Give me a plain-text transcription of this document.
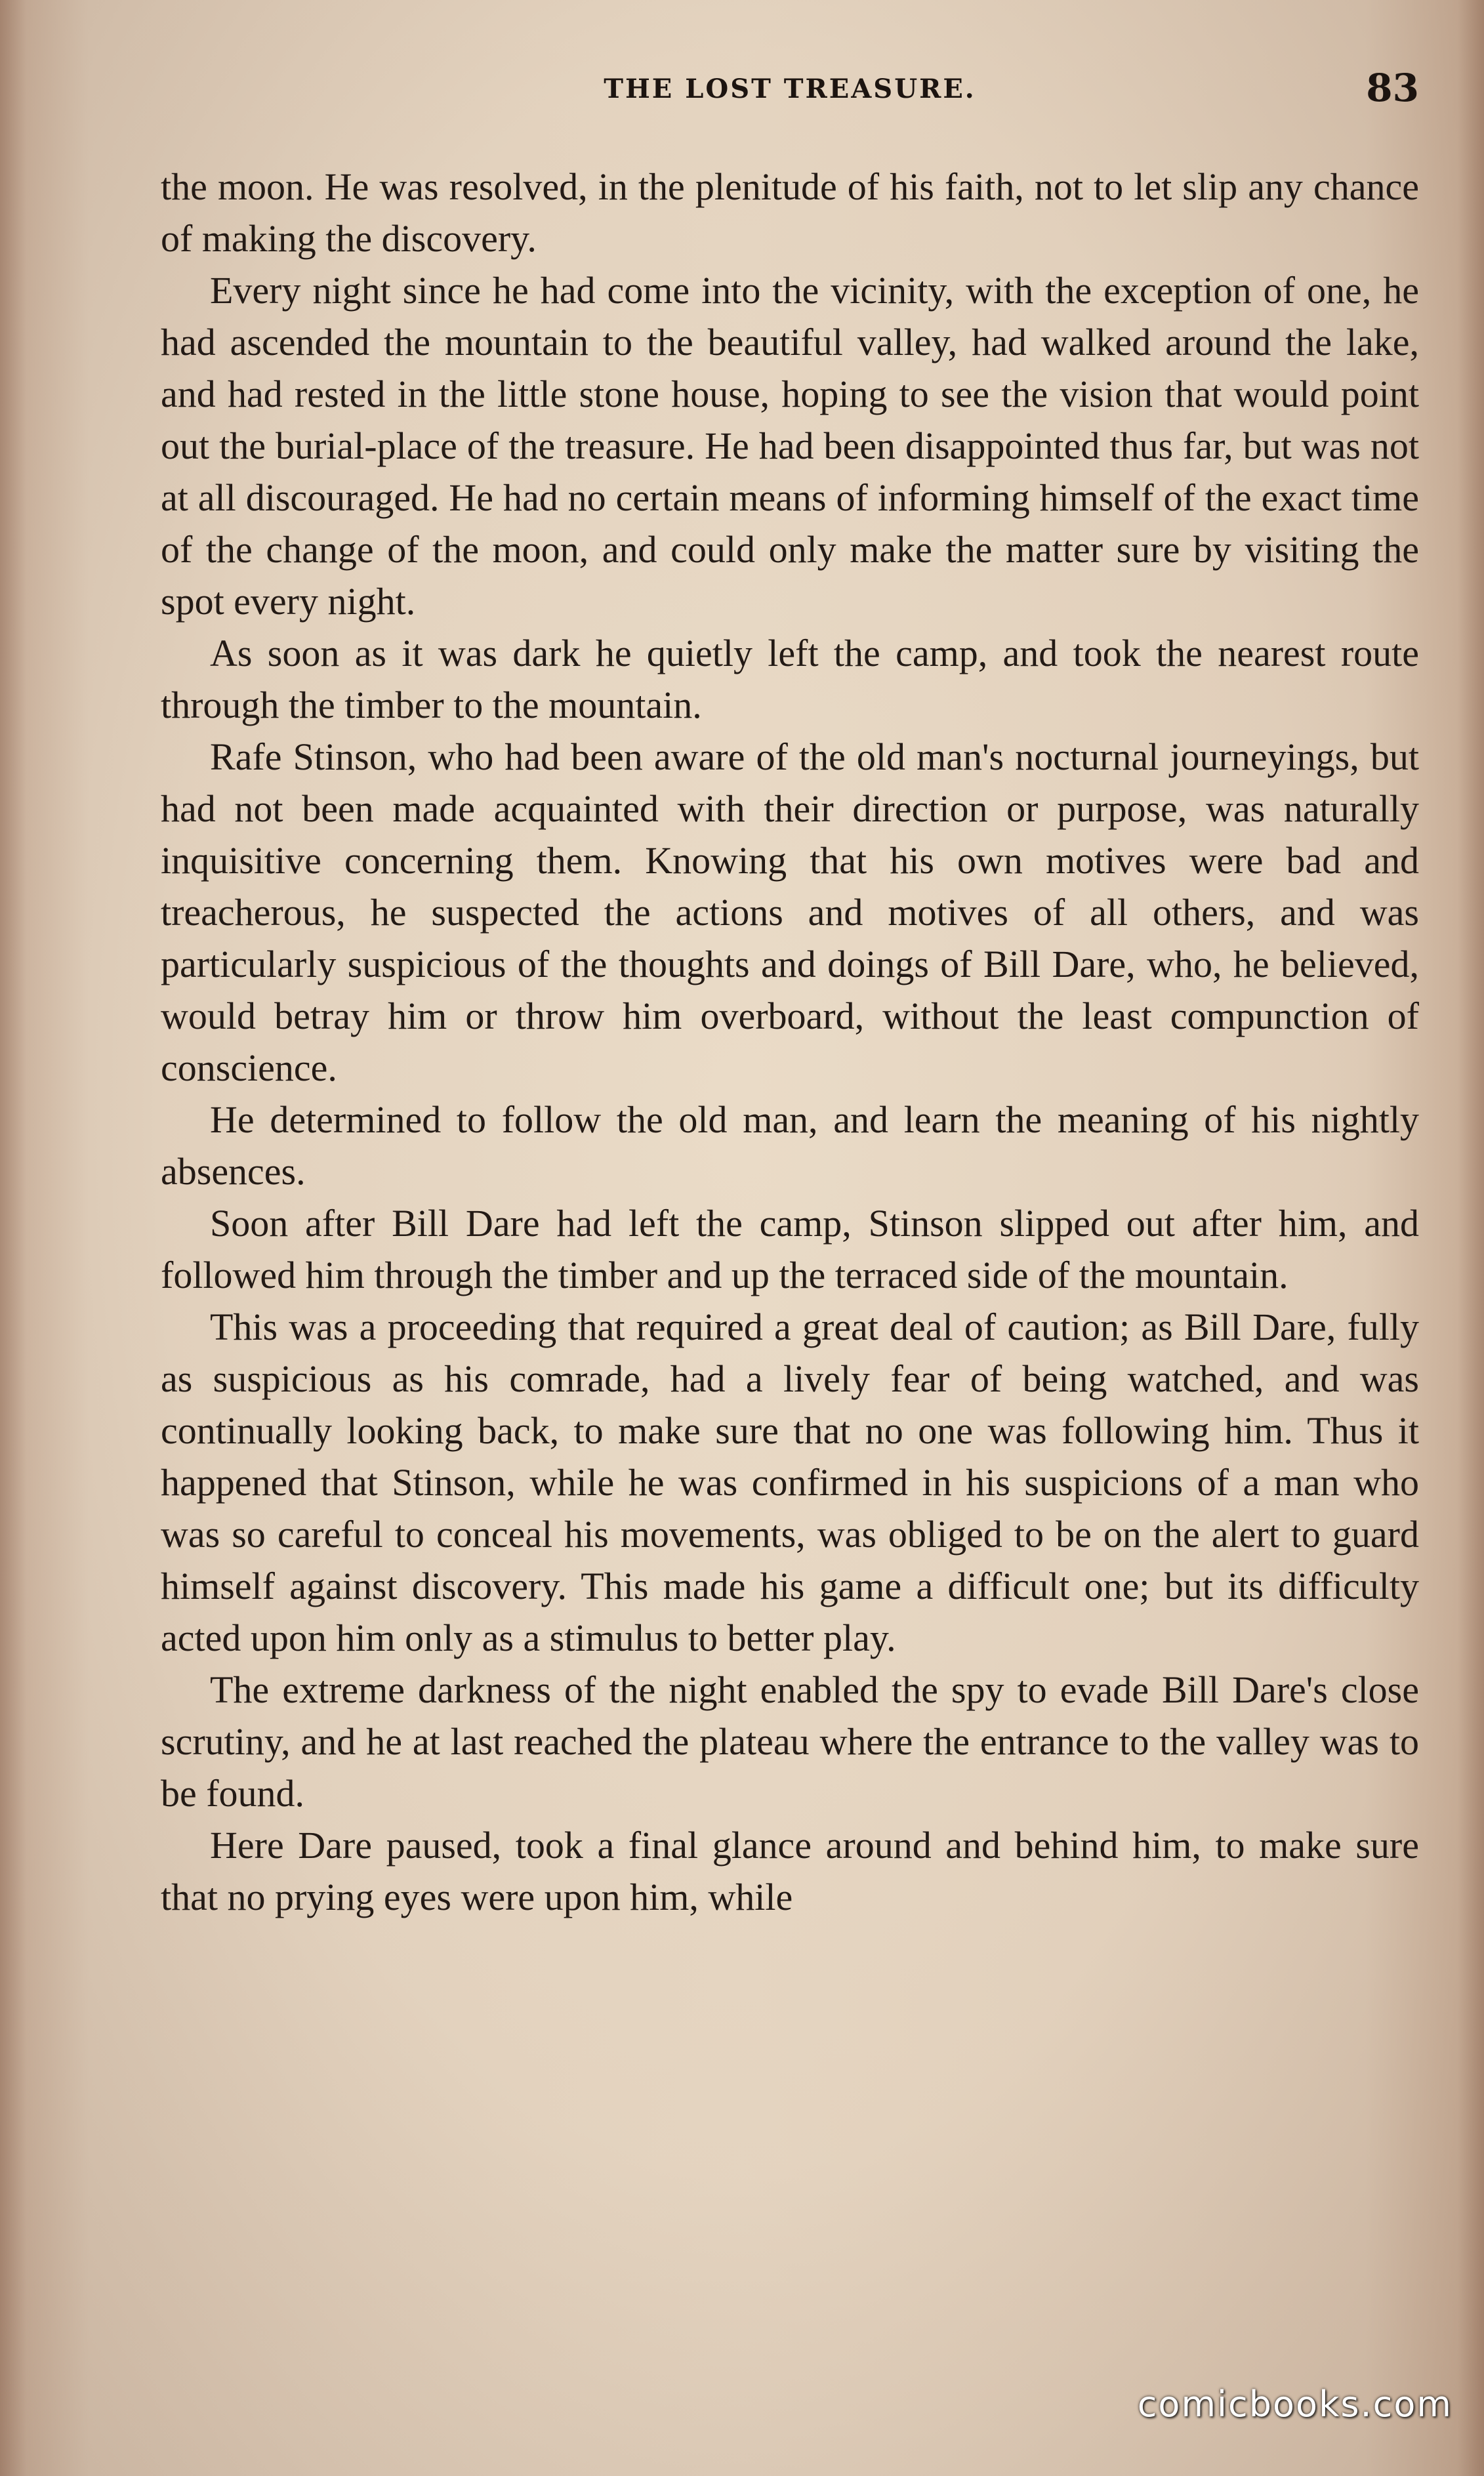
THE LOST TREASURE.	83

the moon. He was resolved, in the plenitude of his faith, not to let slip any chance of making the discovery.

Every night since he had come into the vicinity, with the exception of one, he had ascended the mountain to the beautiful valley, had walked around the lake, and had rested in the little stone house, hoping to see the vision that would point out the burial-place of the treasure. He had been disappointed thus far, but was not at all discouraged. He had no certain means of informing himself of the exact time of the change of the moon, and could only make the matter sure by visiting the spot every night.

As soon as it was dark he quietly left the camp, and took the nearest route through the timber to the mountain.

Rafe Stinson, who had been aware of the old man's nocturnal journeyings, but had not been made acquainted with their direction or purpose, was naturally inquisitive concerning them. Knowing that his own motives were bad and treacherous, he suspected the actions and motives of all others, and was particularly suspicious of the thoughts and doings of Bill Dare, who, he believed, would betray him or throw him overboard, without the least compunction of conscience.

He determined to follow the old man, and learn the meaning of his nightly absences.

Soon after Bill Dare had left the camp, Stinson slipped out after him, and followed him through the timber and up the terraced side of the mountain.

This was a proceeding that required a great deal of caution; as Bill Dare, fully as suspicious as his comrade, had a lively fear of being watched, and was continually looking back, to make sure that no one was following him. Thus it happened that Stinson, while he was confirmed in his suspicions of a man who was so careful to conceal his movements, was obliged to be on the alert to guard himself against discovery. This made his game a difficult one; but its difficulty acted upon him only as a stimulus to better play.

The extreme darkness of the night enabled the spy to evade Bill Dare's close scrutiny, and he at last reached the plateau where the entrance to the valley was to be found.

Here Dare paused, took a final glance around and behind him, to make sure that no prying eyes were upon him, while

comicbooks.com
